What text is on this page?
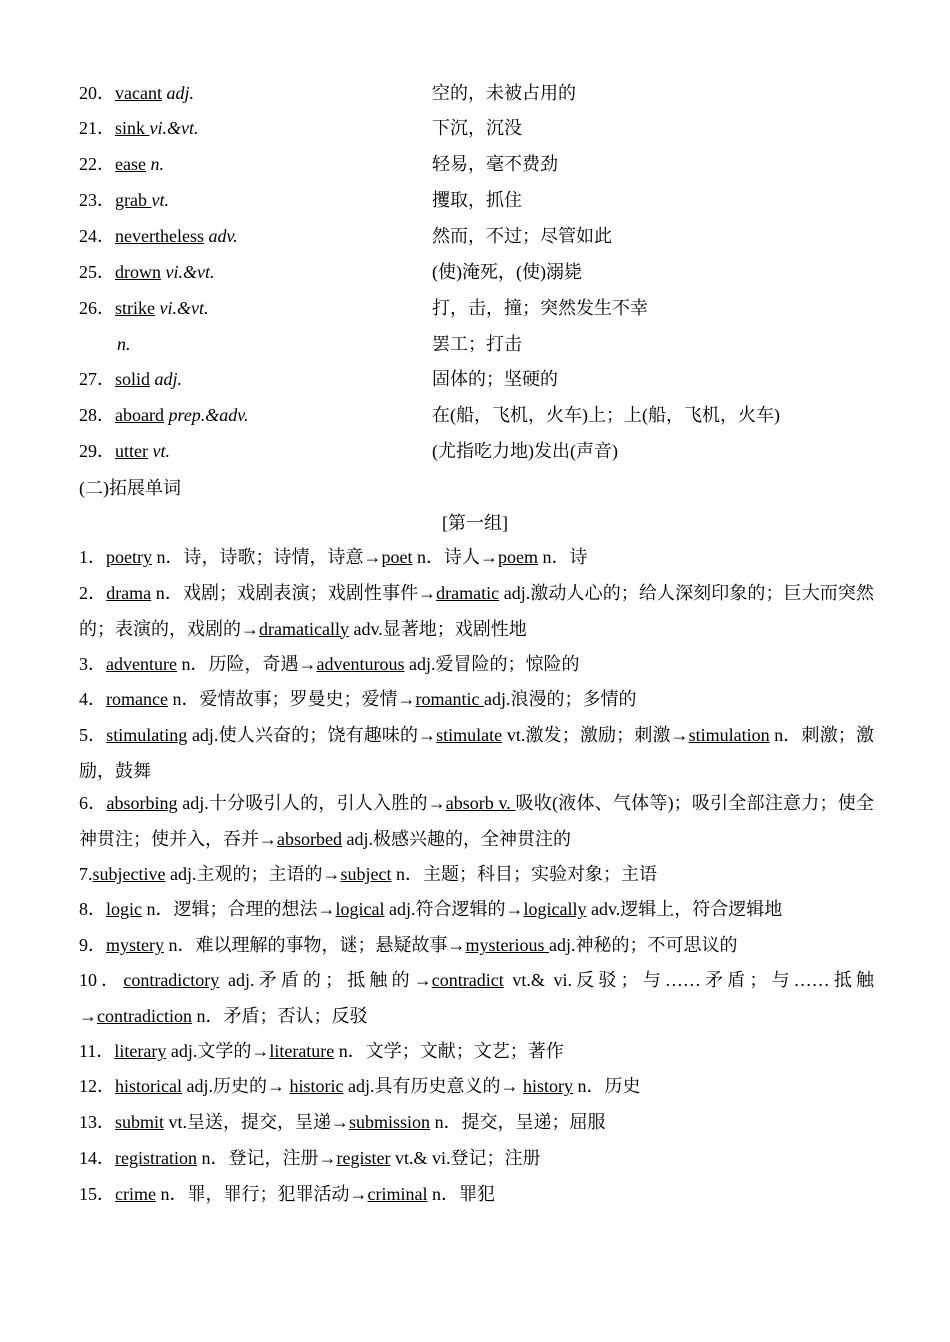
20．vacant adj.	空的，未被占用的
21．sink vi.&vt.	下沉，沉没
22．ease n.	轻易，毫不费劲
23．grab vt.	攫取，抓住
24．nevertheless adv.	然而，不过；尽管如此
25．drown vi.&vt.	(使)淹死，(使)溺毙
26．strike vi.&vt.	打，击，撞；突然发生不幸
n.	罢工；打击
27．solid adj.	固体的；坚硬的
28．aboard prep.&adv.	在(船，飞机，火车)上；上(船，飞机，火车)
29．utter vt.	(尤指吃力地)发出(声音)
(二)拓展单词
[第一组]
1．poetry n．诗，诗歌；诗情，诗意→poet n．诗人→poem n．诗
2．drama n．戏剧；戏剧表演；戏剧性事件→dramatic adj.激动人心的；给人深刻印象的；巨大而突然的；表演的，戏剧的→dramatically adv.显著地；戏剧性地
3．adventure n．历险，奇遇→adventurous adj.爱冒险的；惊险的
4．romance n．爱情故事；罗曼史；爱情→romantic adj.浪漫的；多情的
5．stimulating adj.使人兴奋的；饶有趣味的→stimulate vt.激发；激励；刺激→stimulation n．刺激；激励，鼓舞
6．absorbing adj.十分吸引人的，引人入胜的→absorb v. 吸收(液体、气体等)；吸引全部注意力；使全神贯注；使并入，吞并→absorbed adj.极感兴趣的，全神贯注的
7.subjective adj.主观的；主语的→subject n．主题；科目；实验对象；主语
8．logic n．逻辑；合理的想法→logical adj.符合逻辑的→logically adv.逻辑上，符合逻辑地
9．mystery n．难以理解的事物，谜；悬疑故事→mysterious adj.神秘的；不可思议的
10．contradictory adj.矛盾的；抵触的→contradict vt.& vi.反驳；与……矛盾；与……抵触→contradiction n．矛盾；否认；反驳
11．literary adj.文学的→literature n．文学；文献；文艺；著作
12．historical adj.历史的→ historic adj.具有历史意义的→ history n．历史
13．submit vt.呈送，提交，呈递→submission n．提交，呈递；屈服
14．registration n．登记，注册→register vt.& vi.登记；注册
15．crime n．罪，罪行；犯罪活动→criminal n．罪犯
